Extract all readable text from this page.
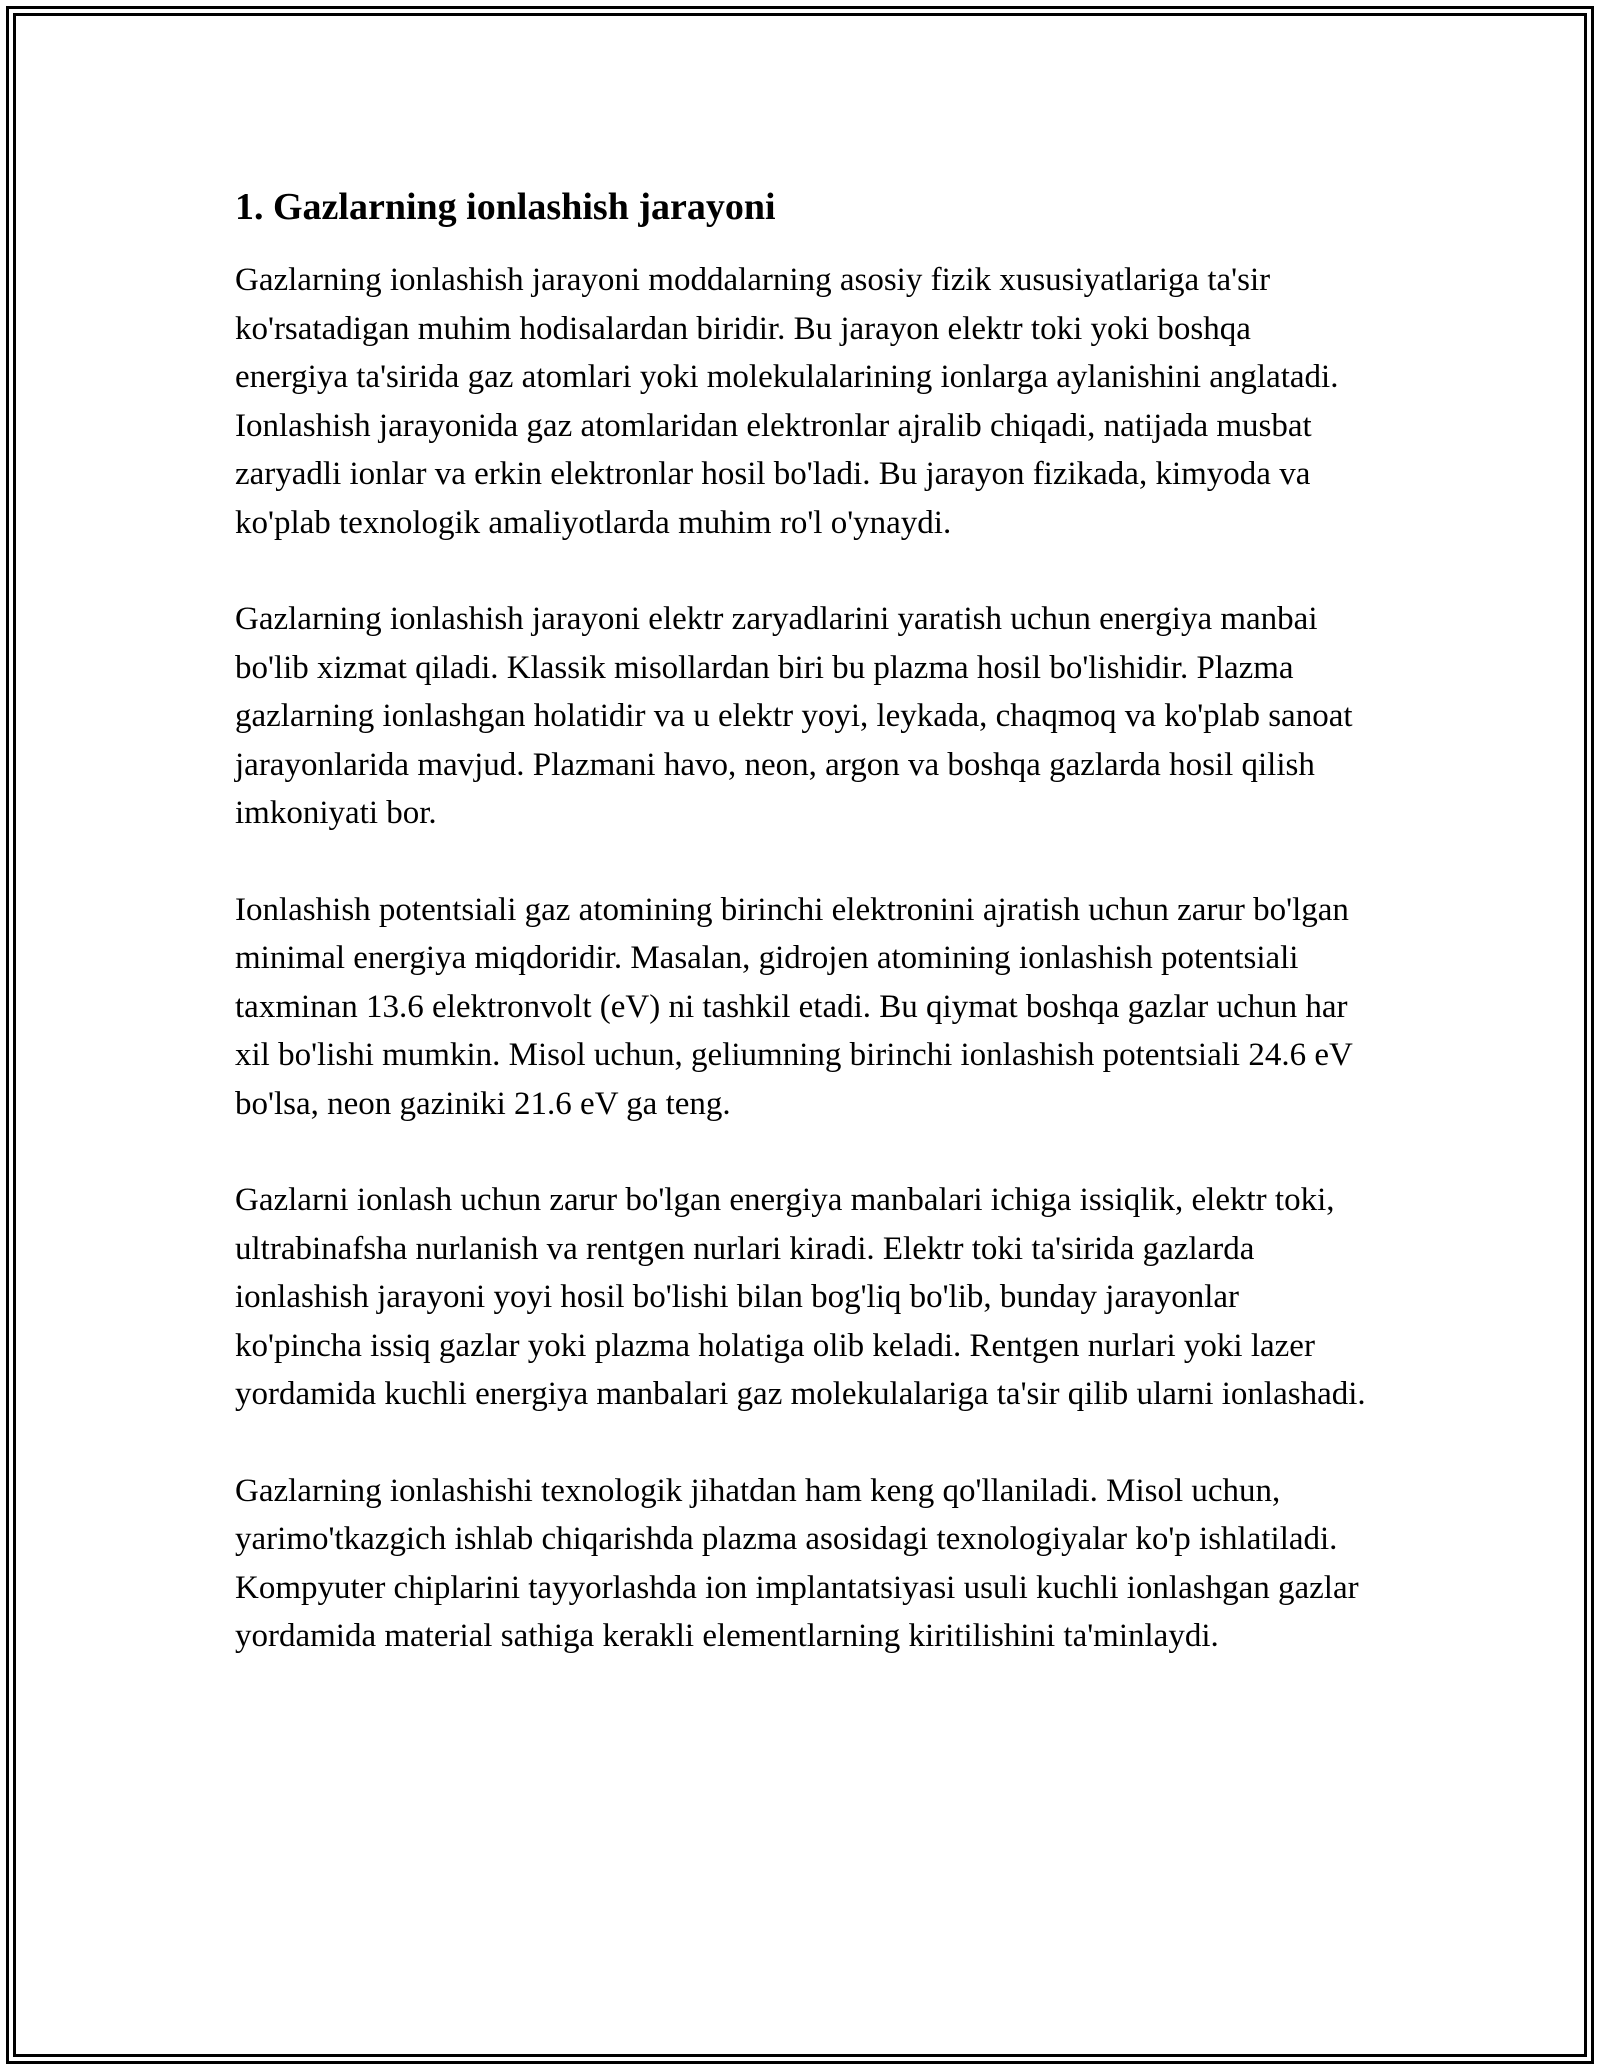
1. Gazlarning ionlashish jarayoni

Gazlarning ionlashish jarayoni moddalarning asosiy fizik xususiyatlariga ta'sir ko'rsatadigan muhim hodisalardan biridir. Bu jarayon elektr toki yoki boshqa energiya ta'sirida gaz atomlari yoki molekulalarining ionlarga aylanishini anglatadi. Ionlashish jarayonida gaz atomlaridan elektronlar ajralib chiqadi, natijada musbat zaryadli ionlar va erkin elektronlar hosil bo'ladi. Bu jarayon fizikada, kimyoda va ko'plab texnologik amaliyotlarda muhim ro'l o'ynaydi.

Gazlarning ionlashish jarayoni elektr zaryadlarini yaratish uchun energiya manbai bo'lib xizmat qiladi. Klassik misollardan biri bu plazma hosil bo'lishidir. Plazma gazlarning ionlashgan holatidir va u elektr yoyi, leykada, chaqmoq va ko'plab sanoat jarayonlarida mavjud. Plazmani havo, neon, argon va boshqa gazlarda hosil qilish imkoniyati bor.

Ionlashish potentsiali gaz atomining birinchi elektronini ajratish uchun zarur bo'lgan minimal energiya miqdoridir. Masalan, gidrojen atomining ionlashish potentsiali taxminan 13.6 elektronvolt (eV) ni tashkil etadi. Bu qiymat boshqa gazlar uchun har xil bo'lishi mumkin. Misol uchun, geliumning birinchi ionlashish potentsiali 24.6 eV bo'lsa, neon gaziniki 21.6 eV ga teng.

Gazlarni ionlash uchun zarur bo'lgan energiya manbalari ichiga issiqlik, elektr toki, ultrabinafsha nurlanish va rentgen nurlari kiradi. Elektr toki ta'sirida gazlarda ionlashish jarayoni yoyi hosil bo'lishi bilan bog'liq bo'lib, bunday jarayonlar ko'pincha issiq gazlar yoki plazma holatiga olib keladi. Rentgen nurlari yoki lazer yordamida kuchli energiya manbalari gaz molekulalariga ta'sir qilib ularni ionlashadi.

Gazlarning ionlashishi texnologik jihatdan ham keng qo'llaniladi. Misol uchun, yarimo'tkazgich ishlab chiqarishda plazma asosidagi texnologiyalar ko'p ishlatiladi. Kompyuter chiplarini tayyorlashda ion implantatsiyasi usuli kuchli ionlashgan gazlar yordamida material sathiga kerakli elementlarning kiritilishini ta'minlaydi.
